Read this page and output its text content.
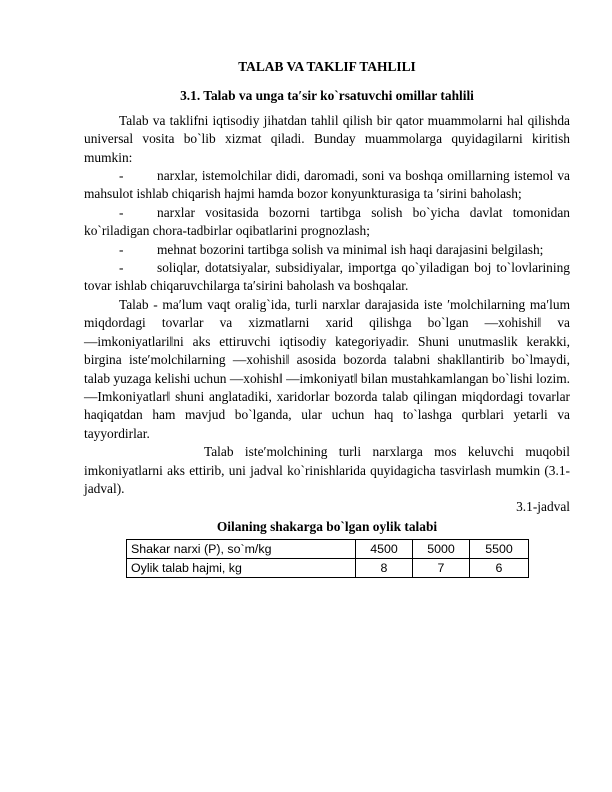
TALAB VA TAKLIF TAHLILI
3.1. Talab va unga ta′sir ko`rsatuvchi omillar tahlili

Talab va taklifni iqtisodiy jihatdan tahlil qilish bir qator muammolarni hal qilishda universal vosita bo`lib xizmat qiladi. Bunday muammolarga quyidagilarni kiritish mumkin:

-	narxlar, istemolchilar didi, daromadi, soni va boshqa omillarning istemol va mahsulot ishlab chiqarish hajmi hamda bozor konyunkturasiga ta ′sirini baholash;
-	narxlar vositasida bozorni tartibga solish bo`yicha davlat tomonidan ko`riladigan chora-tadbirlar oqibatlarini prognozlash;
-	mehnat bozorini tartibga solish va minimal ish haqi darajasini belgilash;
-	soliqlar, dotatsiyalar, subsidiyalar, importga qo`yiladigan boj to`lovlarining tovar ishlab chiqaruvchilarga ta′sirini baholash va boshqalar.

Talab - ma′lum vaqt oralig`ida, turli narxlar darajasida iste ′molchilarning ma′lum miqdordagi tovarlar va xizmatlarni xarid qilishga bo`lgan ―xohishi‖ va ―imkoniyatlari‖ni aks ettiruvchi iqtisodiy kategoriyadir. Shuni unutmaslik kerakki, birgina iste′molchilarning ―xohishi‖ asosida bozorda talabni shakllantirib bo`lmaydi, talab yuzaga kelishi uchun ―xohish‖ ―imkoniyat‖ bilan mustahkamlangan bo`lishi lozim. ―Imkoniyatlar‖ shuni anglatadiki, xaridorlar bozorda talab qilingan miqdordagi tovarlar haqiqatdan ham mavjud bo`lganda, ular uchun haq to`lashga qurblari yetarli va tayyordirlar.

Talab iste′molchining turli narxlarga mos keluvchi muqobil imkoniyatlarni aks ettirib, uni jadval ko`rinishlarida quyidagicha tasvirlash mumkin (3.1-jadval).

3.1-jadval
Oilaning shakarga bo`lgan oylik talabi
Shakar narxi (P), so`m/kg	4500	5000	5500
Oylik talab hajmi, kg	8	7	6
